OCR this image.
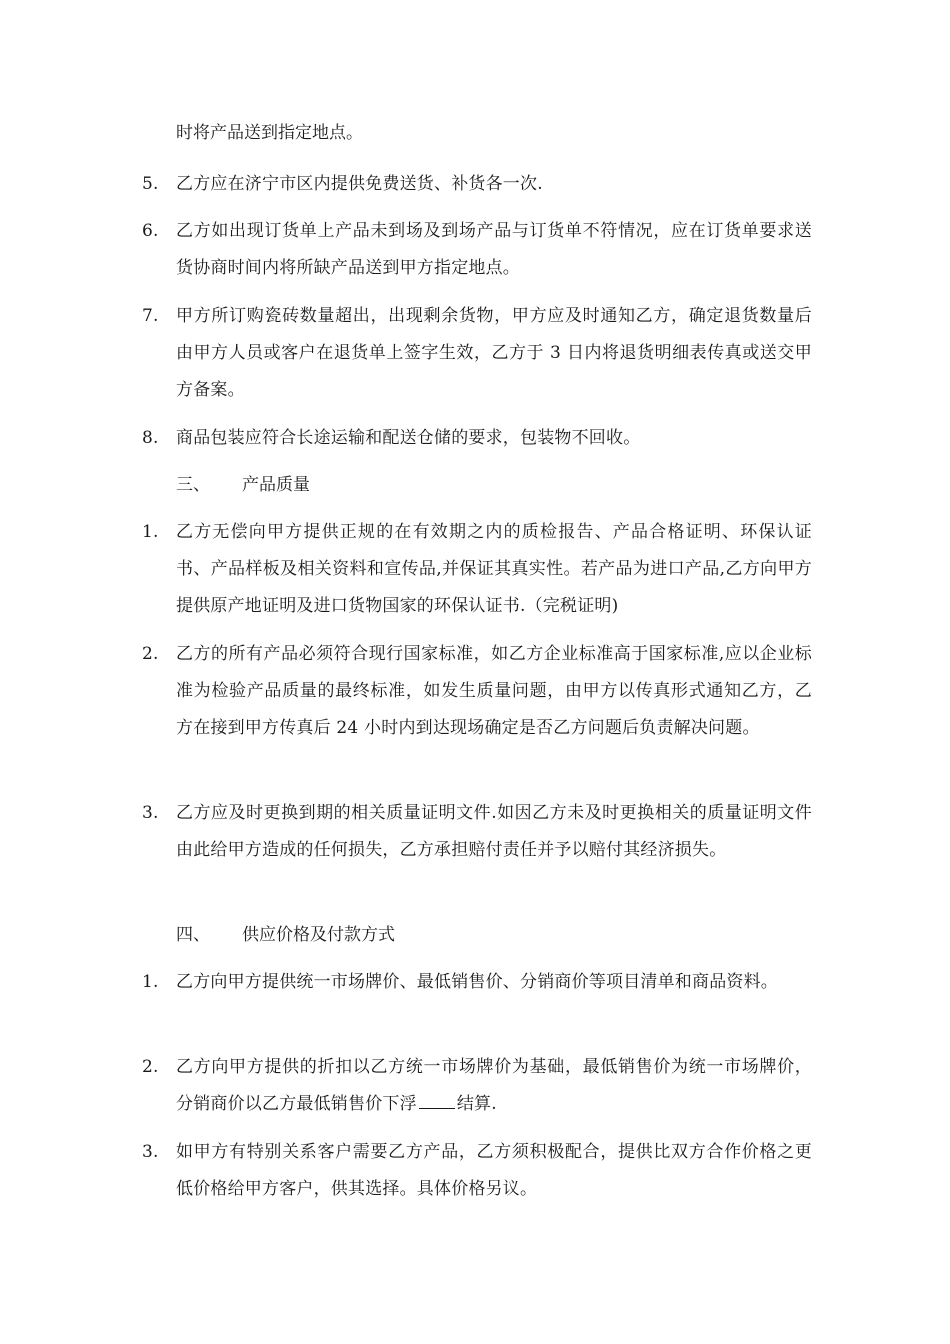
时将产品送到指定地点。
5.	乙方应在济宁市区内提供免费送货、补货各一次.
6.	乙方如出现订货单上产品未到场及到场产品与订货单不符情况，应在订货单要求送货协商时间内将所缺产品送到甲方指定地点。
7.	甲方所订购瓷砖数量超出，出现剩余货物，甲方应及时通知乙方，确定退货数量后由甲方人员或客户在退货单上签字生效，乙方于 3 日内将退货明细表传真或送交甲方备案。
8.	商品包装应符合长途运输和配送仓储的要求，包装物不回收。
三、 产品质量
1.	乙方无偿向甲方提供正规的在有效期之内的质检报告、产品合格证明、环保认证书、产品样板及相关资料和宣传品,并保证其真实性。若产品为进口产品,乙方向甲方提供原产地证明及进口货物国家的环保认证书.（完税证明)
2.	乙方的所有产品必须符合现行国家标准，如乙方企业标准高于国家标准,应以企业标准为检验产品质量的最终标准，如发生质量问题，由甲方以传真形式通知乙方，乙方在接到甲方传真后 24 小时内到达现场确定是否乙方问题后负责解决问题。
3.	乙方应及时更换到期的相关质量证明文件.如因乙方未及时更换相关的质量证明文件由此给甲方造成的任何损失，乙方承担赔付责任并予以赔付其经济损失。
四、 供应价格及付款方式
1.	乙方向甲方提供统一市场牌价、最低销售价、分销商价等项目清单和商品资料。
2.	乙方向甲方提供的折扣以乙方统一市场牌价为基础，最低销售价为统一市场牌价，分销商价以乙方最低销售价下浮 结算.
3.	如甲方有特别关系客户需要乙方产品，乙方须积极配合，提供比双方合作价格之更低价格给甲方客户，供其选择。具体价格另议。
